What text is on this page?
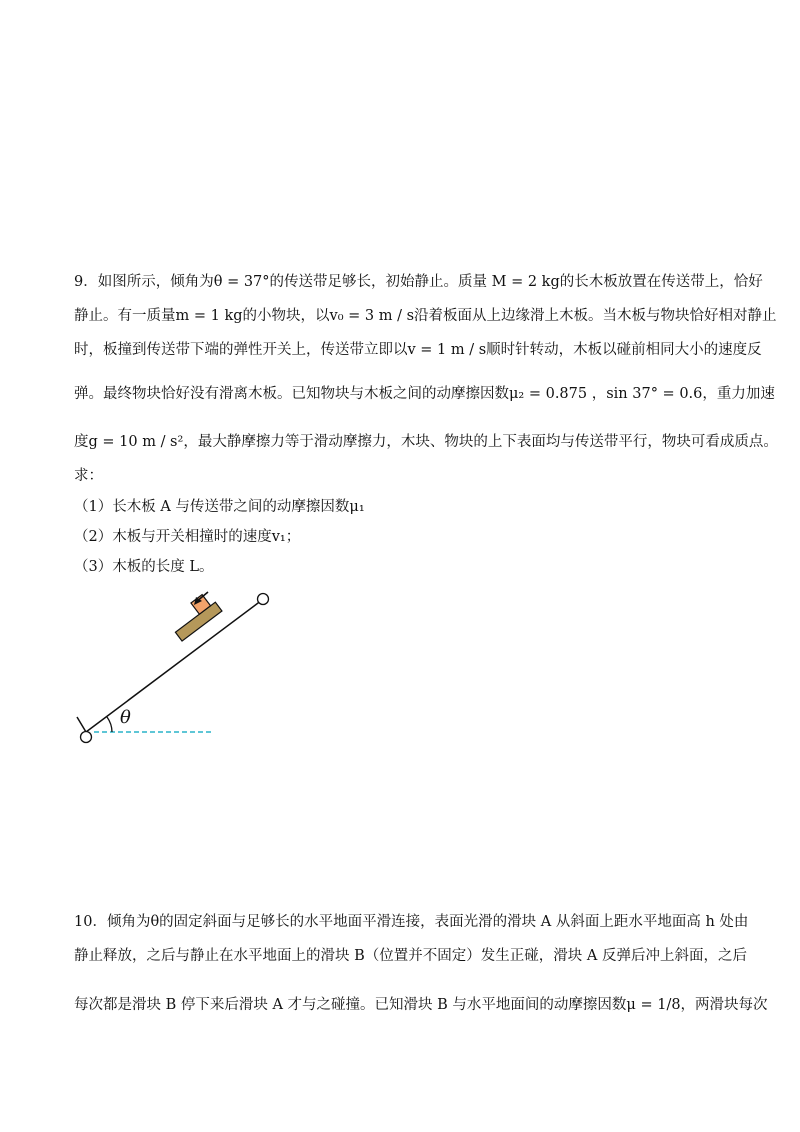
9．如图所示，倾角为θ = 37°的传送带足够长，初始静止。质量 M = 2 kg的长木板放置在传送带上，恰好
静止。有一质量m = 1 kg的小物块，以v₀ = 3 m / s沿着板面从上边缘滑上木板。当木板与物块恰好相对静止
时，板撞到传送带下端的弹性开关上，传送带立即以v = 1 m / s顺时针转动，木板以碰前相同大小的速度反
弹。最终物块恰好没有滑离木板。已知物块与木板之间的动摩擦因数μ₂ = 0.875 ，sin 37° = 0.6，重力加速
度g = 10 m / s²，最大静摩擦力等于滑动摩擦力，木块、物块的上下表面均与传送带平行，物块可看成质点。
求：
（1）长木板 A 与传送带之间的动摩擦因数μ₁
（2）木板与开关相撞时的速度v₁；
（3）木板的长度 L。
θ
10．倾角为θ的固定斜面与足够长的水平地面平滑连接，表面光滑的滑块 A 从斜面上距水平地面高 h 处由
静止释放，之后与静止在水平地面上的滑块 B（位置并不固定）发生正碰，滑块 A 反弹后冲上斜面，之后
每次都是滑块 B 停下来后滑块 A 才与之碰撞。已知滑块 B 与水平地面间的动摩擦因数μ = 1/8，两滑块每次
